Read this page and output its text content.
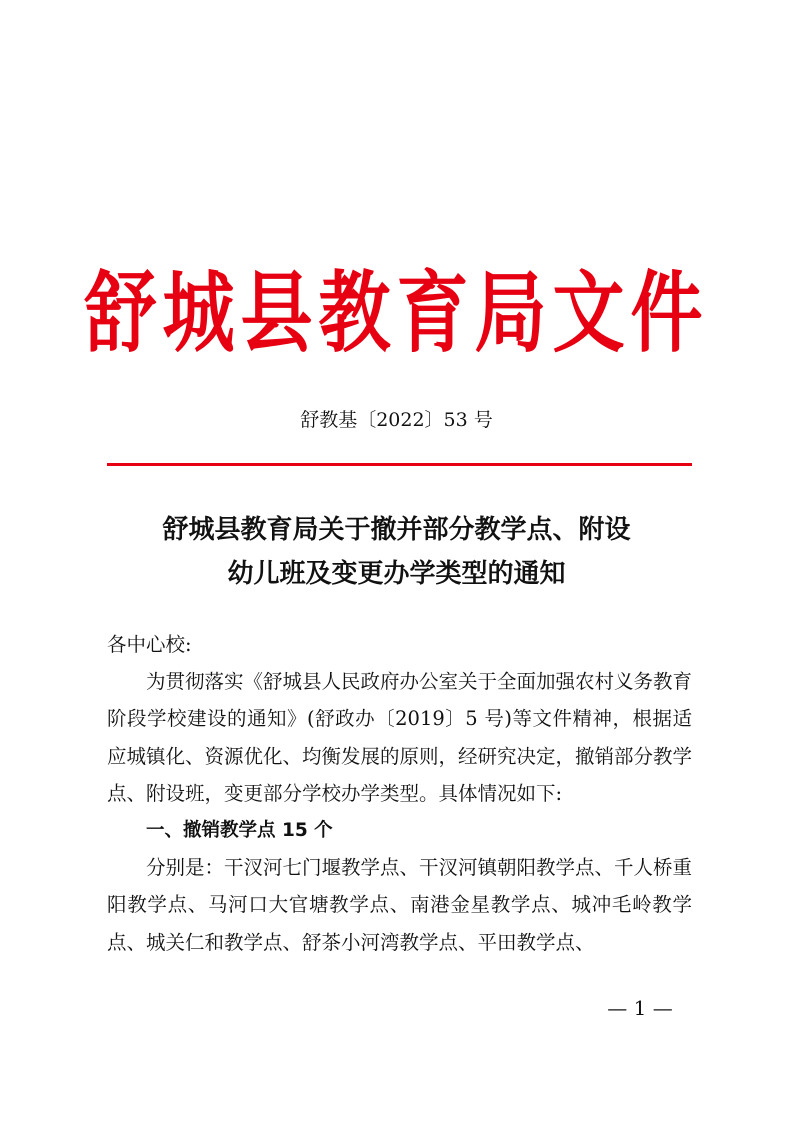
舒城县教育局文件
舒教基〔2022〕53 号
舒城县教育局关于撤并部分教学点、附设
幼儿班及变更办学类型的通知

各中心校:

为贯彻落实《舒城县人民政府办公室关于全面加强农村义务教育阶段学校建设的通知》(舒政办〔2019〕5 号)等文件精神，根据适应城镇化、资源优化、均衡发展的原则，经研究决定，撤销部分教学点、附设班，变更部分学校办学类型。具体情况如下:

一、撤销教学点 15 个

分别是：干汊河七门堰教学点、干汊河镇朝阳教学点、千人桥重阳教学点、马河口大官塘教学点、南港金星教学点、城冲毛岭教学点、城关仁和教学点、舒茶小河湾教学点、平田教学点、

— 1 —
